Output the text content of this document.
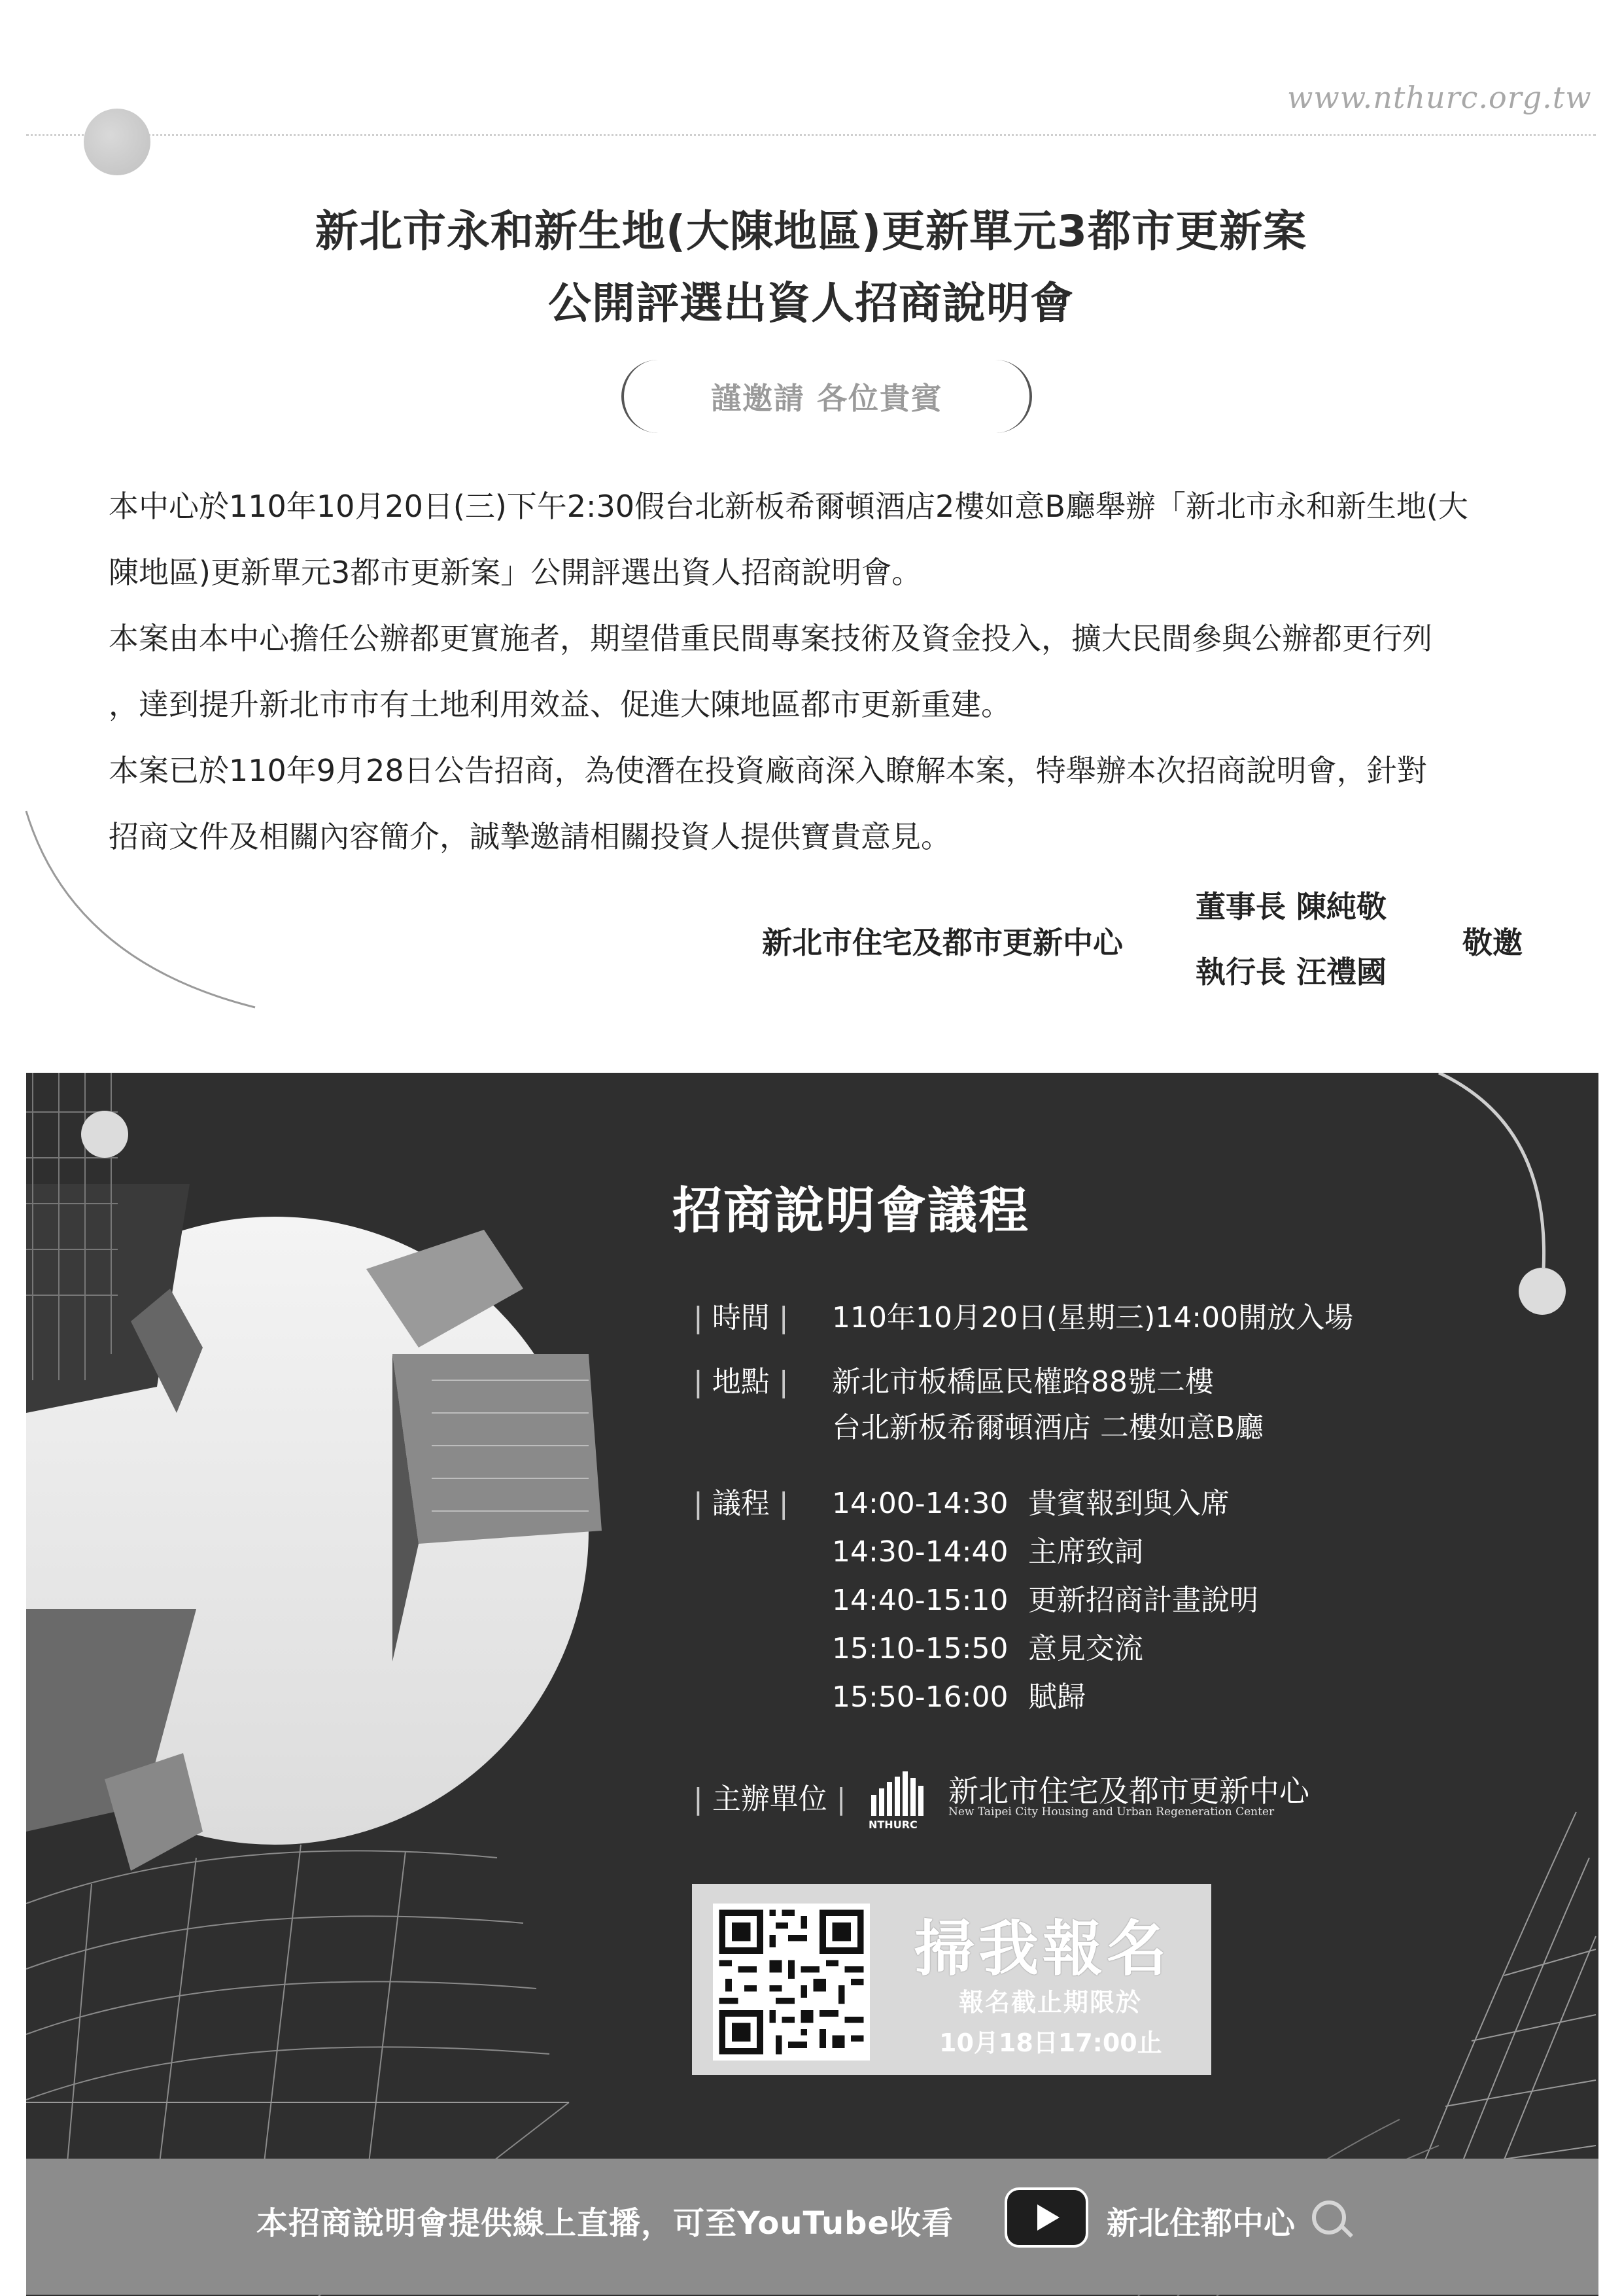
www.nthurc.org.tw
新北市永和新生地(大陳地區)更新單元3都市更新案
公開評選出資人招商說明會
謹邀請 各位貴賓
本中心於110年10月20日(三)下午2:30假台北新板希爾頓酒店2樓如意B廳舉辦「新北市永和新生地(大
陳地區)更新單元3都市更新案」公開評選出資人招商說明會。
本案由本中心擔任公辦都更實施者，期望借重民間專案技術及資金投入，擴大民間參與公辦都更行列
，達到提升新北市市有土地利用效益、促進大陳地區都市更新重建。
本案已於110年9月28日公告招商，為使潛在投資廠商深入瞭解本案，特舉辦本次招商說明會，針對
招商文件及相關內容簡介，誠摯邀請相關投資人提供寶貴意見。
新北市住宅及都市更新中心
董事長 陳純敬
執行長 汪禮國
敬邀
招商說明會議程
| 時間 | 110年10月20日(星期三)14:00開放入場
| 地點 | 新北市板橋區民權路88號二樓
台北新板希爾頓酒店 二樓如意B廳
| 議程 | 14:00-14:30 貴賓報到與入席
14:30-14:40 主席致詞
14:40-15:10 更新招商計畫說明
15:10-15:50 意見交流
15:50-16:00 賦歸
| 主辦單位 |
NTHURC
新北市住宅及都市更新中心
New Taipei City Housing and Urban Regeneration Center
掃我報名
報名截止期限於
10月18日17:00止
本招商說明會提供線上直播，可至YouTube收看	新北住都中心
